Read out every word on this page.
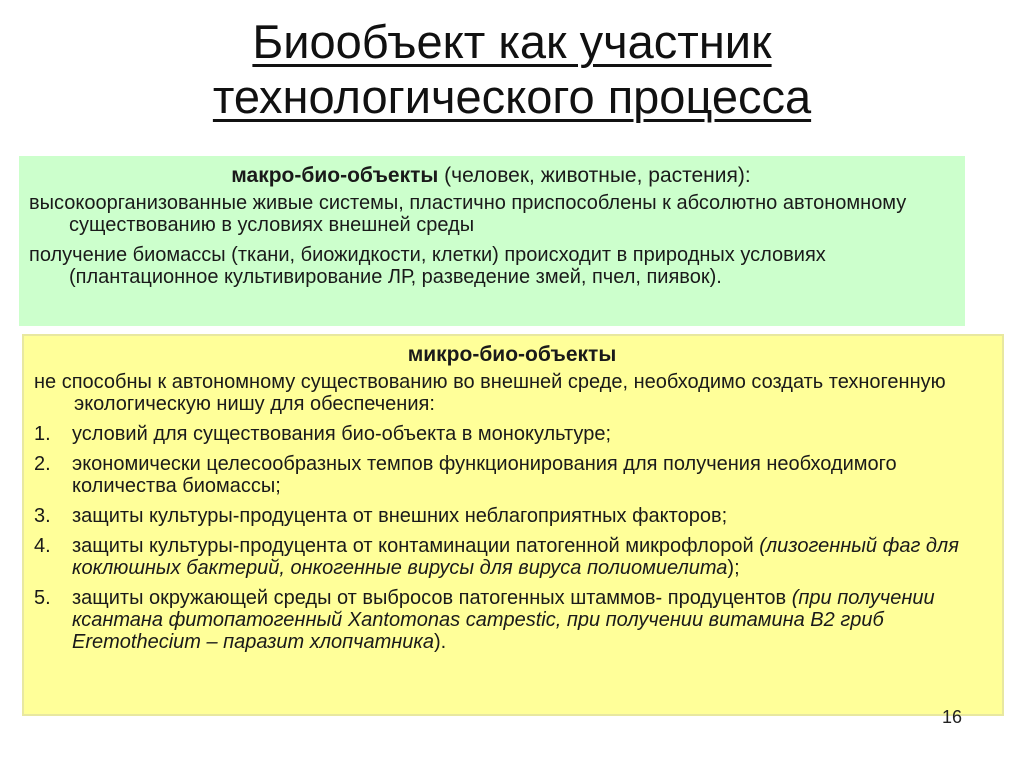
Биообъект как участник
технологического процесса
макро-био-объекты (человек, животные, растения):
высокоорганизованные живые системы, пластично приспособлены к абсолютно автономному существованию в условиях внешней среды
получение биомассы (ткани, биожидкости, клетки) происходит в природных условиях (плантационное культивирование ЛР, разведение змей, пчел, пиявок).
микро-био-объекты
не способны к автономному существованию во внешней среде, необходимо создать техногенную экологическую нишу для обеспечения:
1. условий для существования био-объекта в монокультуре;
2. экономически целесообразных темпов функционирования для получения необходимого количества биомассы;
3. защиты культуры-продуцента от внешних неблагоприятных факторов;
4. защиты культуры-продуцента от контаминации патогенной микрофлорой (лизогенный фаг для коклюшных бактерий, онкогенные вирусы для вируса полиомиелита);
5. защиты окружающей среды от выбросов патогенных штаммов- продуцентов (при получении ксантана фитопатогенный Xantomonas campestic, при получении витамина B2 гриб Eremothecium – паразит хлопчатника).
16
